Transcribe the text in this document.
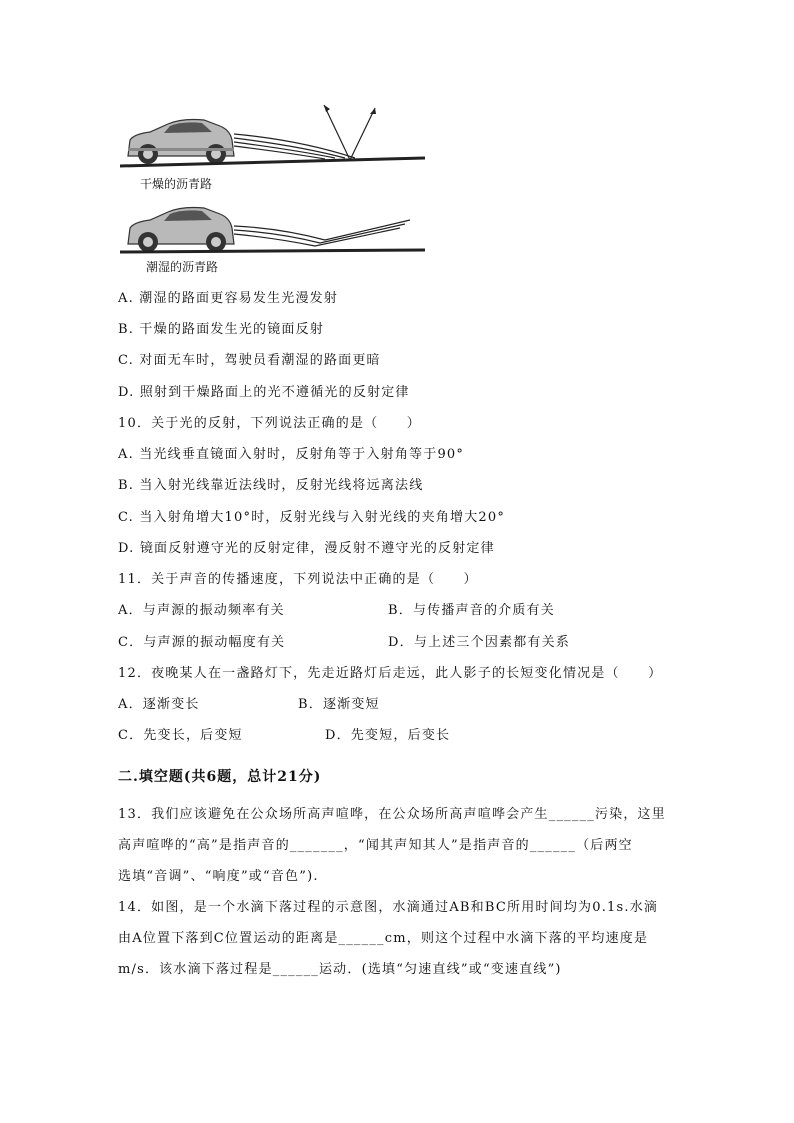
干燥的沥青路
潮湿的沥青路
A. 潮湿的路面更容易发生光漫发射
B. 干燥的路面发生光的镜面反射
C. 对面无车时，驾驶员看潮湿的路面更暗
D. 照射到干燥路面上的光不遵循光的反射定律
10．关于光的反射，下列说法正确的是（　　）
A. 当光线垂直镜面入射时，反射角等于入射角等于90°
B. 当入射光线靠近法线时，反射光线将远离法线
C. 当入射角增大10°时，反射光线与入射光线的夹角增大20°
D. 镜面反射遵守光的反射定律，漫反射不遵守光的反射定律
11．关于声音的传播速度，下列说法中正确的是（　　）
A．与声源的振动频率有关	B．与传播声音的介质有关
C．与声源的振动幅度有关	D．与上述三个因素都有关系
12．夜晚某人在一盏路灯下，先走近路灯后走远，此人影子的长短变化情况是（　　）
A．逐渐变长	B．逐渐变短
C．先变长，后变短	D．先变短，后变长
二.填空题(共6题，总计21分)
13．我们应该避免在公众场所高声喧哗，在公众场所高声喧哗会产生______污染，这里
高声喧哗的“高”是指声音的_______，“闻其声知其人”是指声音的______（后两空
选填“音调”、“响度”或“音色”).
14．如图，是一个水滴下落过程的示意图，水滴通过AB和BC所用时间均为0.1s.水滴
由A位置下落到C位置运动的距离是______cm，则这个过程中水滴下落的平均速度是
m/s．该水滴下落过程是______运动．(选填“匀速直线”或“变速直线”)
